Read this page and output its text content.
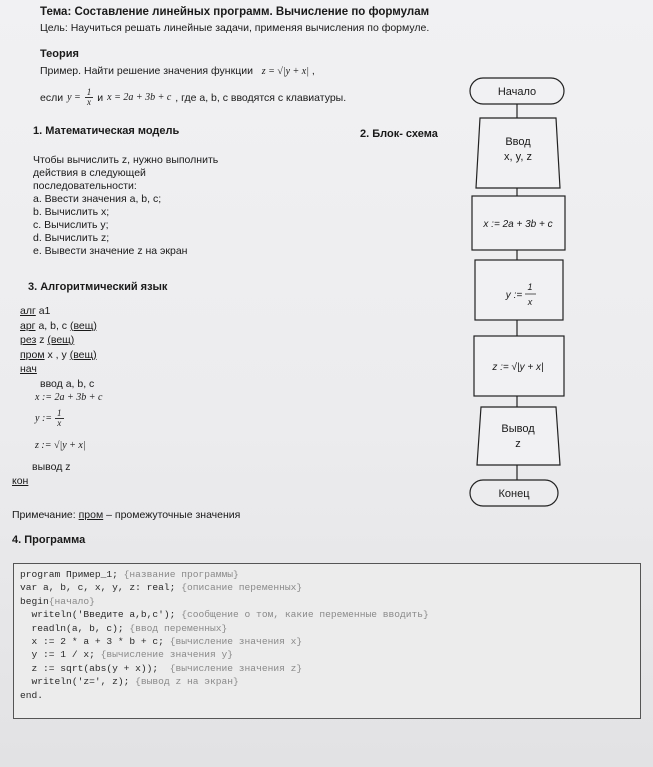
Тема: Составление линейных программ. Вычисление по формулам
Цель: Научиться решать линейные задачи, применяя вычисления по формуле.
Теория
Пример. Найти решение значения функции z = √|y + x| ,
если $y = \frac{1}{x}$ и x = 2a + 3b + c , где a, b, c вводятся с клавиатуры.
1. Математическая модель
Чтобы вычислить z, нужно выполнить
действия в следующей
последовательности:
a. Ввести значения a, b, c;
b. Вычислить x;
c. Вычислить y;
d. Вычислить z;
e. Вывести значение z на экран
2. Блок- схема
3. Алгоритмический язык
алг a1
арг a, b, c (вещ)
рез z (вещ)
пром x , y (вещ)
нач
ввод a, b, c
x := 2a + 3b + c
y := $\frac{1}{x}$
z := √|y + x|
вывод z
кон
Примечание: пром – промежуточные значения
4. Программа
program Пример_1; {название программы}
var a, b, c, x, y, z: real; {описание переменных}
begin{начало}
writeln('Введите a,b,c'); {сообщение о том, какие переменные вводить}
readln(a, b, c); {ввод переменных}
x := 2 * a + 3 * b + c; {вычисление значения x}
y := 1 / x; {вычисление значения y}
z := sqrt(abs(y + x));  {вычисление значения z}
writeln('z=', z); {вывод z на экран}
end.
Начало
Ввод
x, y, z
x := 2a + 3b + c
y :=
1
x
z := √|y + x|
Вывод
z
Конец
